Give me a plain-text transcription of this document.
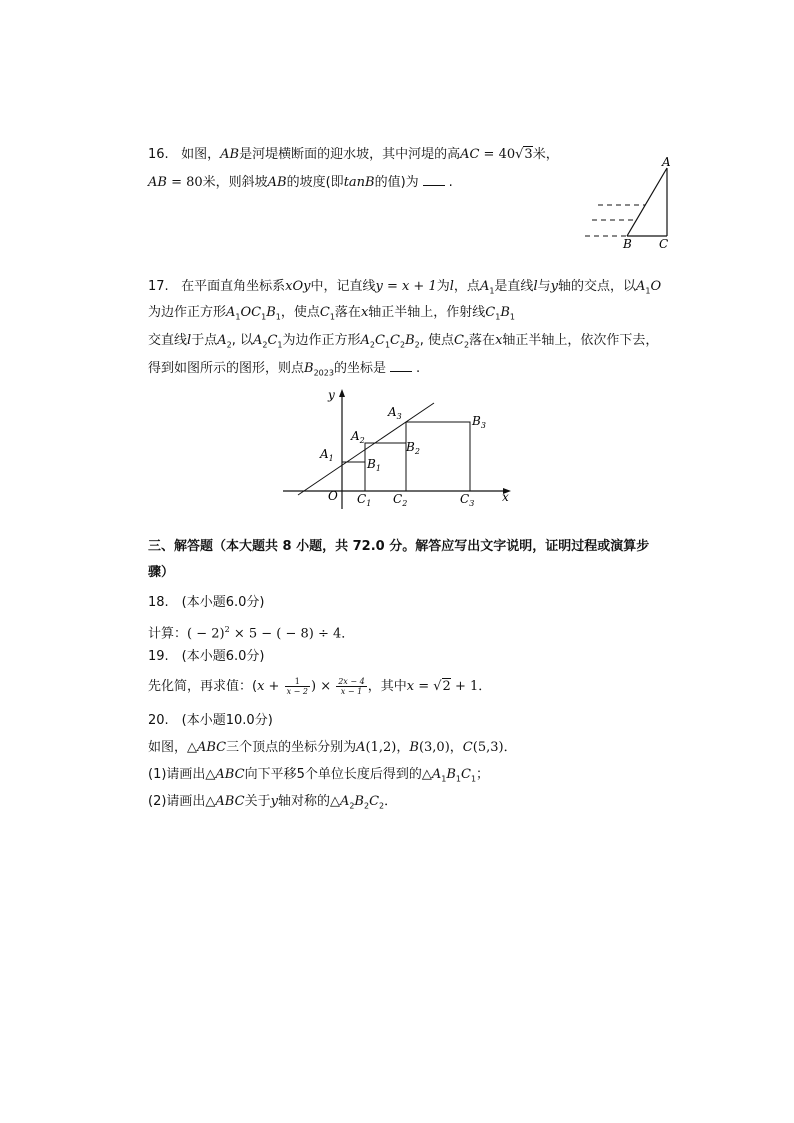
16. 如图，AB是河堤横断面的迎水坡，其中河堤的高AC = 40√3米，
AB = 80米，则斜坡AB的坡度(即tanB的值)为 .
A
B C
17. 在平面直角坐标系xOy中，记直线y = x + 1为l，点$A_1$是直线l与y轴的交点，以$A_1O$
为边作正方形$A_1OC_1B_1$，使点$C_1$落在x轴正半轴上，作射线$C_1B_1$
交直线l于点$A_2$, 以$A_2C_1$为边作正方形$A_2C_1C_2B_2$, 使点$C_2$落在x轴正半轴上，依次作下去，
得到如图所示的图形，则点$B_{2023}$的坐标是 .
y
x
O
$A_1$
$A_2$
$A_3$
$B_1$
$B_2$
$B_3$
$C_1$ $C_2$	$C_3$
三、解答题（本大题共 8 小题，共 72.0 分。解答应写出文字说明，证明过程或演算步
骤）
18.　(本小题6.0分)
计算：( − 2)$^2$ × 5 − ( − 8) ÷ 4．
19.　(本小题6.0分)
先化简，再求值：($x + \frac{1}{x - 2}$ ) × $\frac{2x - 4}{x - 1}$ ，其中x = √2 + 1．
20.　(本小题10.0分)
如图，△ABC三个顶点的坐标分别为A(1,2)，B(3,0)，C(5,3)．
(1)请画出△ABC向下平移5个单位长度后得到的$\triangle A_1B_1C_1$；
(2)请画出△ABC关于y轴对称的$\triangle A_2B_2C_2$．
